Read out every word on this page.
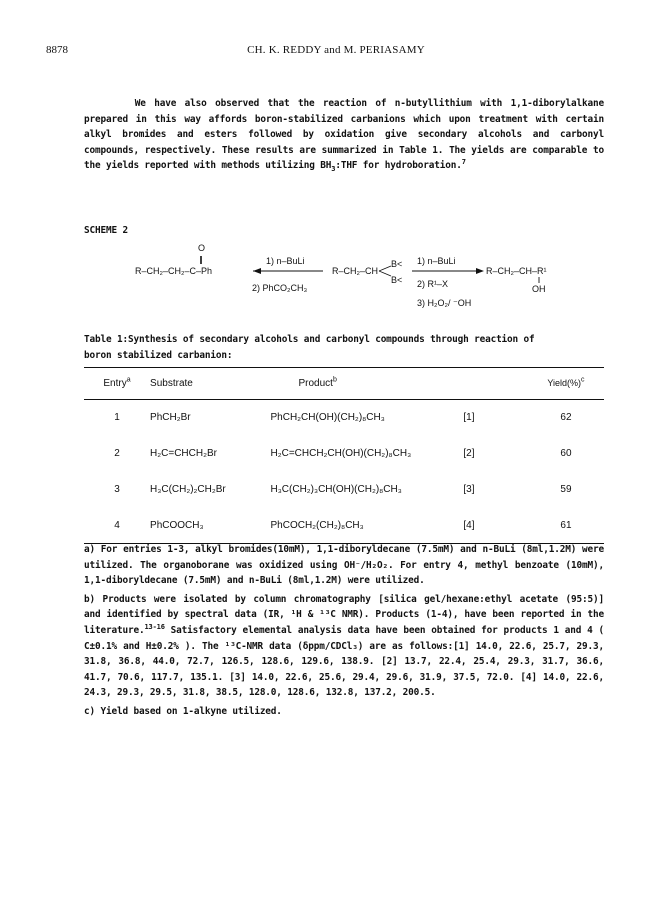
8878	CH. K. REDDY and M. PERIASAMY

We have also observed that the reaction of n-butyllithium with 1,1-diborylalkane prepared in this way affords boron-stabilized carbanions which upon treatment with certain alkyl bromides and esters followed by oxidation give secondary alcohols and carbonyl compounds, respectively. These results are summarized in Table 1. The yields are comparable to the yields reported with methods utilizing $BH_3:THF$ for hydroboration.$^7$

SCHEME 2
O
R–CH₂–CH₂–C–Ph
1) n–BuLi
2) PhCO₂CH₃
R–CH₂–CH
B<
B<
1) n–BuLi
2) R¹–X
3) H₂O₂/ ⁻OH
R–CH₂–CH–R¹
OH
Table 1:Synthesis of secondary alcohols and carbonyl compounds through reaction of
boron stabilized carbanion:
Entry$^a$	Substrate	Product$^b$		Yield(%)$^c$
1	PhCH₂Br	PhCH₂CH(OH)(CH₂)₈CH₃	[1]	62
2	H₂C=CHCH₂Br	H₂C=CHCH₂CH(OH)(CH₂)₈CH₃	[2]	60
3	H₃C(CH₂)₂CH₂Br	H₃C(CH₂)₃CH(OH)(CH₂)₈CH₃	[3]	59
4	PhCOOCH₃	PhCOCH₂(CH₂)₈CH₃	[4]	61

a) For entries 1-3, alkyl bromides(10mM), 1,1-diboryldecane (7.5mM) and n-BuLi (8ml,1.2M) were utilized. The organoborane was oxidized using OH⁻/H₂O₂. For entry 4, methyl benzoate (10mM), 1,1-diboryldecane (7.5mM) and n-BuLi (8ml,1.2M) were utilized.

b) Products were isolated by column chromatography [silica gel/hexane:ethyl acetate (95:5)] and identified by spectral data (IR, ¹H & ¹³C NMR). Products (1-4), have been reported in the literature.$^{13-16}$ Satisfactory elemental analysis data have been obtained for products 1 and 4 ( C±0.1% and H±0.2% ). The ¹³C-NMR data (δppm/CDCl₃) are as follows:[1] 14.0, 22.6, 25.7, 29.3, 31.8, 36.8, 44.0, 72.7, 126.5, 128.6, 129.6, 138.9. [2] 13.7, 22.4, 25.4, 29.3, 31.7, 36.6, 41.7, 70.6, 117.7, 135.1. [3] 14.0, 22.6, 25.6, 29.4, 29.6, 31.9, 37.5, 72.0. [4] 14.0, 22.6, 24.3, 29.3, 29.5, 31.8, 38.5, 128.0, 128.6, 132.8, 137.2, 200.5.

c) Yield based on 1-alkyne utilized.
